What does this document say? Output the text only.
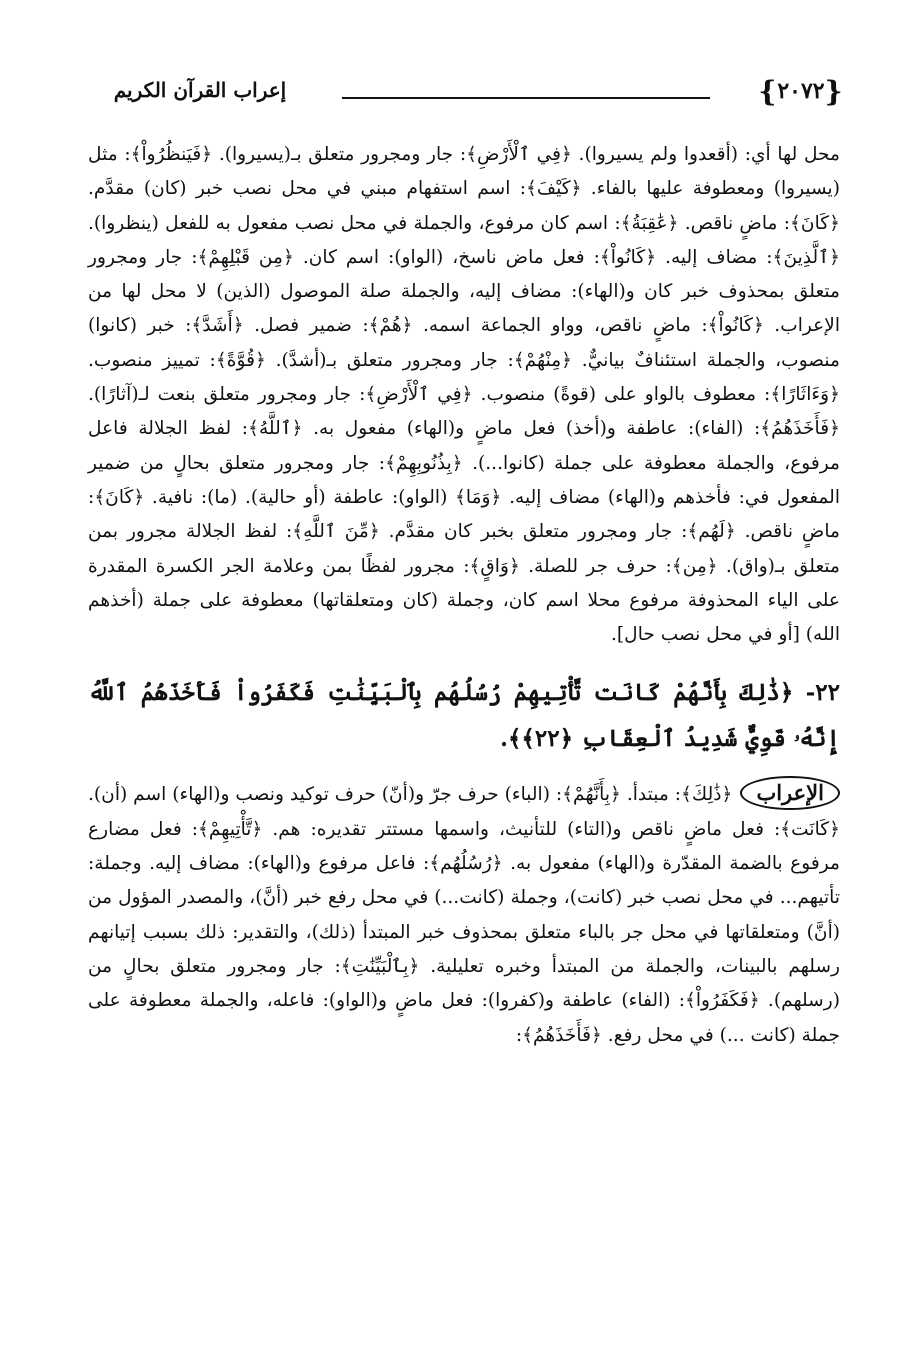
{ ٢٠٧٢ }
إعراب القرآن الكريم

محل لها أي: (أقعدوا ولم يسيروا). ﴿فِي ٱلْأَرْضِ﴾: جار ومجرور متعلق بـ(يسيروا). ﴿فَيَنظُرُواْ﴾: مثل (يسيروا) ومعطوفة عليها بالفاء. ﴿كَيْفَ﴾: اسم استفهام مبني في محل نصب خبر (كان) مقدَّم. ﴿كَانَ﴾: ماضٍ ناقص. ﴿عَٰقِبَةُ﴾: اسم كان مرفوع، والجملة في محل نصب مفعول به للفعل (ينظروا). ﴿ٱلَّذِينَ﴾: مضاف إليه. ﴿كَانُواْ﴾: فعل ماض ناسخ، (الواو): اسم كان. ﴿مِن قَبْلِهِمْ﴾: جار ومجرور متعلق بمحذوف خبر كان و(الهاء): مضاف إليه، والجملة صلة الموصول (الذين) لا محل لها من الإعراب. ﴿كَانُواْ﴾: ماضٍ ناقص، وواو الجماعة اسمه. ﴿هُمْ﴾: ضمير فصل. ﴿أَشَدَّ﴾: خبر (كانوا) منصوب، والجملة استئنافٌ بيانيٌّ. ﴿مِنْهُمْ﴾: جار ومجرور متعلق بـ(أشدَّ). ﴿قُوَّةً﴾: تمييز منصوب. ﴿وَءَاثَارًا﴾: معطوف بالواو على (قوةً) منصوب. ﴿فِي ٱلْأَرْضِ﴾: جار ومجرور متعلق بنعت لـ(آثارًا). ﴿فَأَخَذَهُمُ﴾: (الفاء): عاطفة و(أخذ) فعل ماضٍ و(الهاء) مفعول به. ﴿ٱللَّهُ﴾: لفظ الجلالة فاعل مرفوع، والجملة معطوفة على جملة (كانوا...). ﴿بِذُنُوبِهِمْ﴾: جار ومجرور متعلق بحالٍ من ضمير المفعول في: فأخذهم و(الهاء) مضاف إليه. ﴿وَمَا﴾ (الواو): عاطفة (أو حالية). (ما): نافية. ﴿كَانَ﴾: ماضٍ ناقص. ﴿لَهُم﴾: جار ومجرور متعلق بخبر كان مقدَّم. ﴿مِّنَ ٱللَّهِ﴾: لفظ الجلالة مجرور بمن متعلق بـ(واق). ﴿مِن﴾: حرف جر للصلة. ﴿وَاقٍ﴾: مجرور لفظًا بمن وعلامة الجر الكسرة المقدرة على الياء المحذوفة مرفوع محلا اسم كان، وجملة (كان ومتعلقاتها) معطوفة على جملة (أخذهم الله) [أو في محل نصب حال].

٢٢- ﴿ذَٰلِكَ بِأَنَّهُمْ كَانَت تَّأْتِيهِمْ رُسُلُهُم بِٱلْبَيِّنَٰتِ فَكَفَرُواْ فَأَخَذَهُمُ ٱللَّهُ إِنَّهُۥ قَوِيٌّ شَدِيدُ ٱلْعِقَابِ ﴿٢٢﴾﴾.

الإعراب﴿ذَٰلِكَ﴾: مبتدأ. ﴿بِأَنَّهُمْ﴾: (الباء) حرف جرّ و(أنّ) حرف توكيد ونصب و(الهاء) اسم (أن). ﴿كَانَت﴾: فعل ماضٍ ناقص و(التاء) للتأنيث، واسمها مستتر تقديره: هم. ﴿تَّأْتِيهِمْ﴾: فعل مضارع مرفوع بالضمة المقدّرة و(الهاء) مفعول به. ﴿رُسُلُهُم﴾: فاعل مرفوع و(الهاء): مضاف إليه. وجملة: تأتيهم... في محل نصب خبر (كانت)، وجملة (كانت...) في محل رفع خبر (أنَّ)، والمصدر المؤول من (أنَّ) ومتعلقاتها في محل جر بالباء متعلق بمحذوف خبر المبتدأ (ذلك)، والتقدير: ذلك بسبب إتيانهم رسلهم بالبينات، والجملة من المبتدأ وخبره تعليلية. ﴿بِٱلْبَيِّنَٰتِ﴾: جار ومجرور متعلق بحالٍ من (رسلهم). ﴿فَكَفَرُواْ﴾: (الفاء) عاطفة و(كفروا): فعل ماضٍ و(الواو): فاعله، والجملة معطوفة على جملة (كانت ...) في محل رفع. ﴿فَأَخَذَهُمُ﴾:
